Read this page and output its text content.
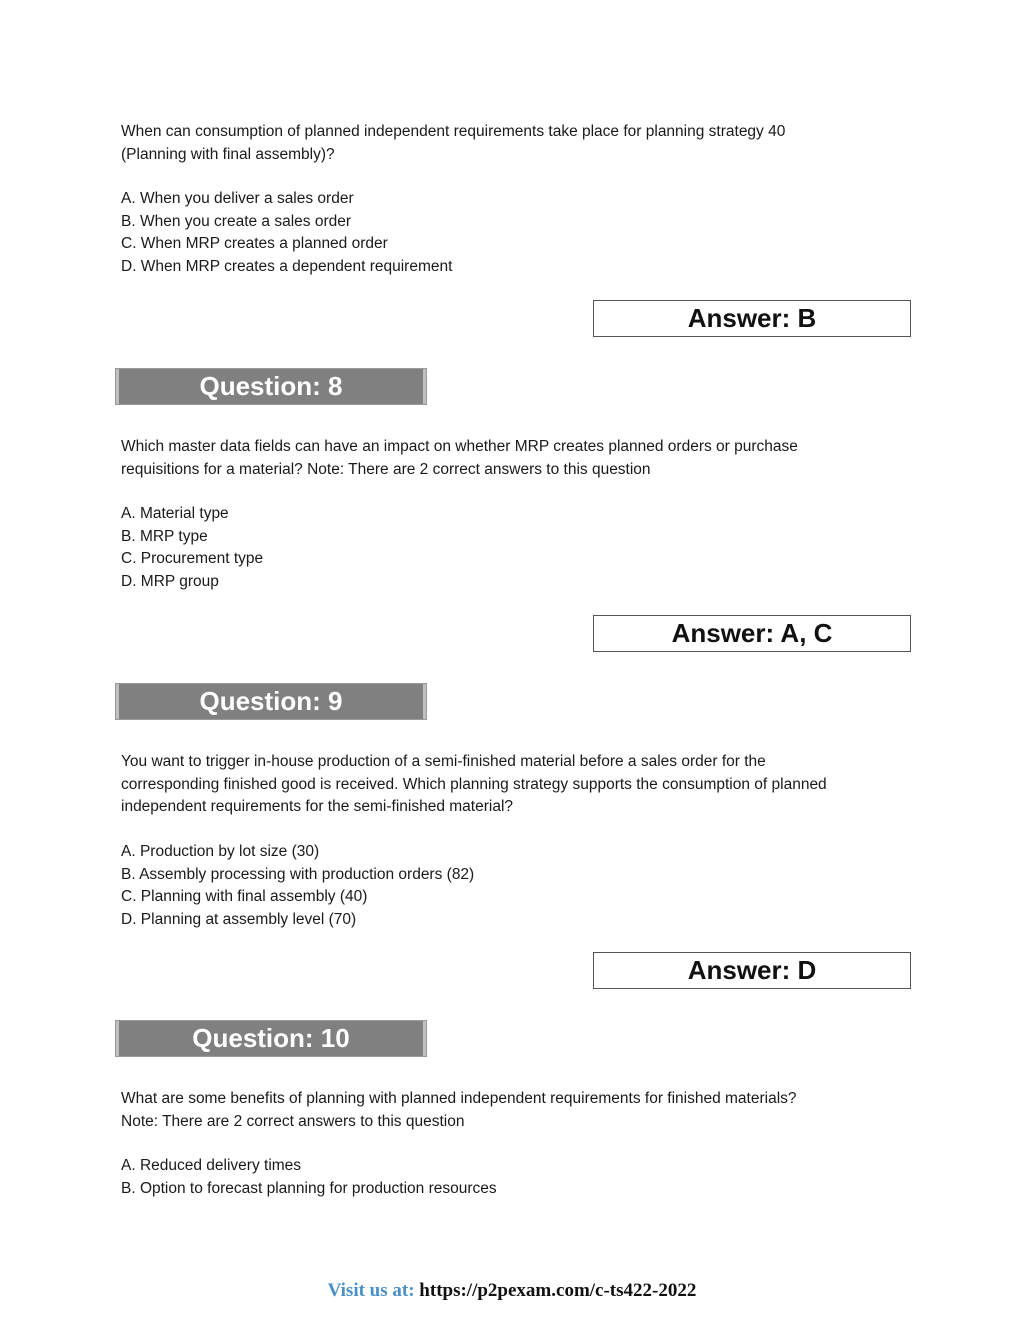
When can consumption of planned independent requirements take place for planning strategy 40
(Planning with final assembly)?

A. When you deliver a sales order
B. When you create a sales order
C. When MRP creates a planned order
D. When MRP creates a dependent requirement

Answer: B
Question: 8

Which master data fields can have an impact on whether MRP creates planned orders or purchase
requisitions for a material? Note: There are 2 correct answers to this question

A. Material type
B. MRP type
C. Procurement type
D. MRP group

Answer: A, C
Question: 9

You want to trigger in-house production of a semi-finished material before a sales order for the
corresponding finished good is received. Which planning strategy supports the consumption of planned
independent requirements for the semi-finished material?

A. Production by lot size (30)
B. Assembly processing with production orders (82)
C. Planning with final assembly (40)
D. Planning at assembly level (70)

Answer: D
Question: 10

What are some benefits of planning with planned independent requirements for finished materials?
Note: There are 2 correct answers to this question

A. Reduced delivery times
B. Option to forecast planning for production resources

Visit us at: https://p2pexam.com/c-ts422-2022
